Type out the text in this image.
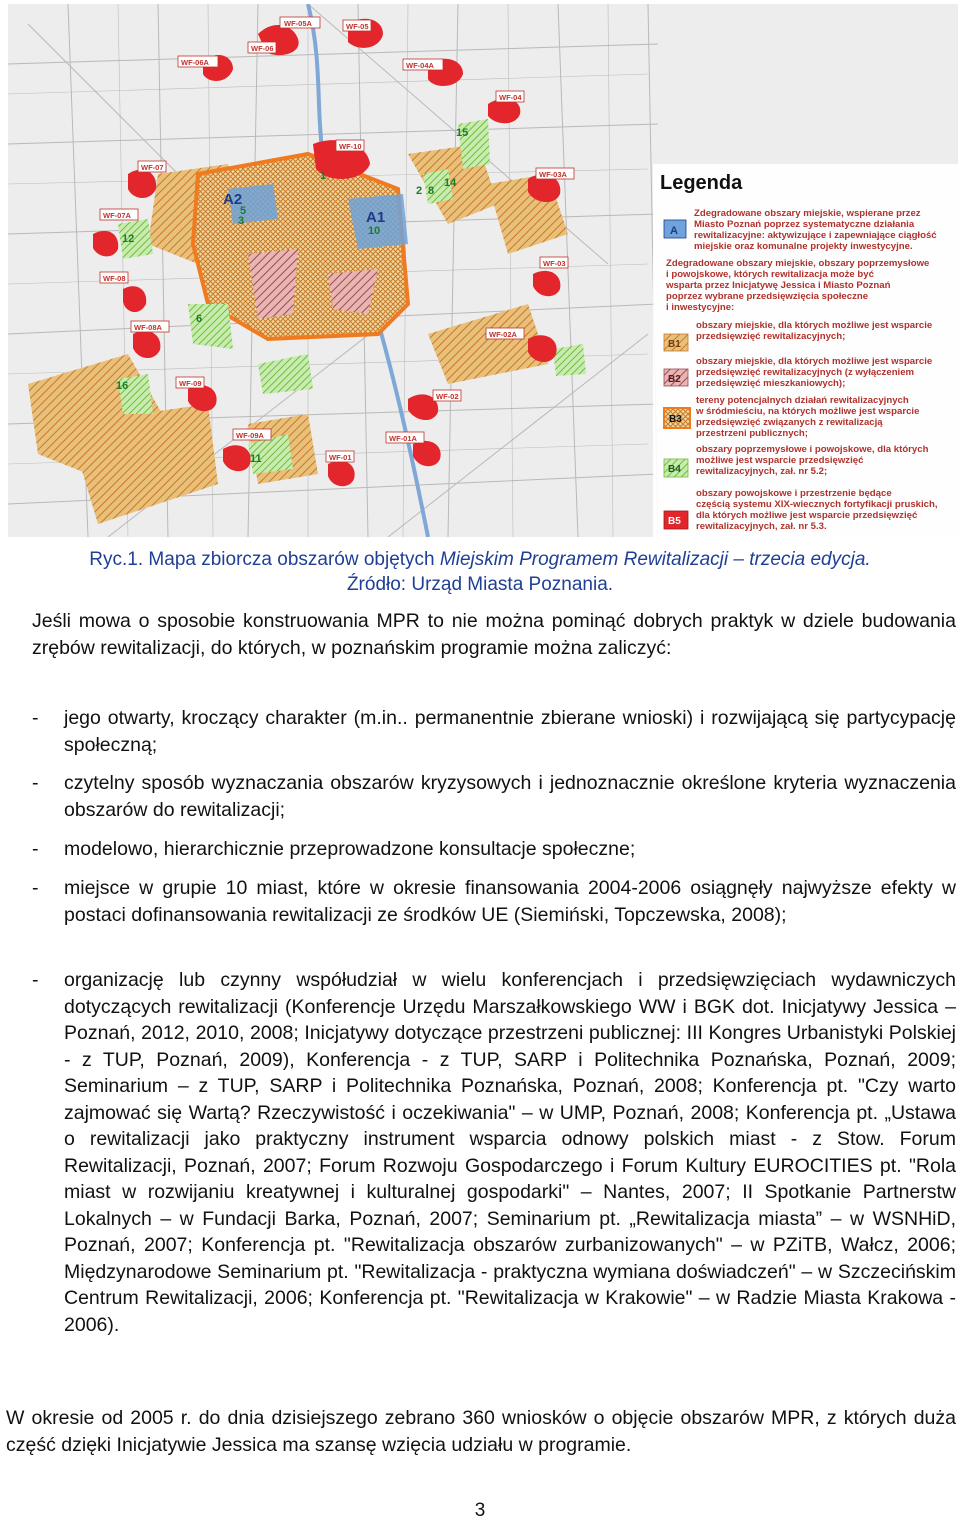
WF-05A	WF-05
WF-06A
WF-06
WF-04A
WF-04
WF-10
WF-07
WF-07A
WF-08
WF-08A
WF-09
WF-09A
WF-03
WF-03A
WF-02
WF-02A
WF-01
WF-01A
A1
A2
1
2
3
5
6
8
10
11
12
14
15
16
Legenda
A
Zdegradowane obszary miejskie, wspierane przez
Miasto Poznań poprzez systematyczne działania
rewitalizacyjne: aktywizujące i zapewniające ciągłość
miejskie oraz komunalne projekty inwestycyjne.
Zdegradowane obszary miejskie, obszary poprzemysłowe
i powojskowe, których rewitalizacja może być
wsparta przez Inicjatywę Jessica i Miasto Poznań
poprzez wybrane przedsięwzięcia społeczne
i inwestycyjne:
B1
obszary miejskie, dla których możliwe jest wsparcie
przedsięwzięć rewitalizacyjnych;
B2
obszary miejskie, dla których możliwe jest wsparcie
przedsięwzięć rewitalizacyjnych (z wyłączeniem
przedsięwzięć mieszkaniowych);
B3
tereny potencjalnych działań rewitalizacyjnych
w śródmieściu, na których możliwe jest wsparcie
przedsięwzięć związanych z rewitalizacją
przestrzeni publicznych;
B4
obszary poprzemysłowe i powojskowe, dla których
możliwe jest wsparcie przedsięwzięć
rewitalizacyjnych, zał. nr 5.2;
B5
obszary powojskowe i przestrzenie będące
częścią systemu XIX-wiecznych fortyfikacji pruskich,
dla których możliwe jest wsparcie przedsięwzięć
rewitalizacyjnych, zał. nr 5.3.
Ryc.1. Mapa zbiorcza obszarów objętych Miejskim Programem Rewitalizacji – trzecia edycja.
Źródło: Urząd Miasta Poznania.
Jeśli mowa o sposobie konstruowania MPR to nie można pominąć dobrych praktyk w dziele budowania zrębów rewitalizacji, do których, w poznańskim programie można zaliczyć:
- jego otwarty, kroczący charakter (m.in.. permanentnie zbierane wnioski) i rozwijającą się partycypację społeczną;
- czytelny sposób wyznaczania obszarów kryzysowych i jednoznacznie określone kryteria wyznaczenia obszarów do rewitalizacji;
- modelowo, hierarchicznie przeprowadzone konsultacje społeczne;
- miejsce w grupie 10 miast, które w okresie finansowania 2004-2006 osiągnęły najwyższe efekty w postaci dofinansowania rewitalizacji ze środków UE (Siemiński, Topczewska, 2008);
- organizację lub czynny współudział w wielu konferencjach i przedsięwzięciach wydawniczych dotyczących rewitalizacji (Konferencje Urzędu Marszałkowskiego WW i BGK dot. Inicjatywy Jessica – Poznań, 2012, 2010, 2008; Inicjatywy dotyczące przestrzeni publicznej: III Kongres Urbanistyki Polskiej - z TUP, Poznań, 2009), Konferencja - z TUP, SARP i Politechnika Poznańska, Poznań, 2009; Seminarium – z TUP, SARP i Politechnika Poznańska, Poznań, 2008; Konferencja pt. "Czy warto zajmować się Wartą? Rzeczywistość i oczekiwania" – w UMP, Poznań, 2008; Konferencja pt. „Ustawa o rewitalizacji jako praktyczny instrument wsparcia odnowy polskich miast - z Stow. Forum Rewitalizacji, Poznań, 2007; Forum Rozwoju Gospodarczego i Forum Kultury EUROCITIES pt. "Rola miast w rozwijaniu kreatywnej i kulturalnej gospodarki" – Nantes, 2007; II Spotkanie Partnerstw Lokalnych – w Fundacji Barka, Poznań, 2007; Seminarium pt. „Rewitalizacja miasta” – w WSNHiD, Poznań, 2007; Konferencja pt. "Rewitalizacja obszarów zurbanizowanych" – w PZiTB, Wałcz, 2006; Międzynarodowe Seminarium pt. "Rewitalizacja - praktyczna wymiana doświadczeń" – w Szczecińskim Centrum Rewitalizacji, 2006; Konferencja pt. "Rewitalizacja w Krakowie" – w Radzie Miasta Krakowa - 2006).
W okresie od 2005 r. do dnia dzisiejszego zebrano 360 wniosków o objęcie obszarów MPR, z których duża część dzięki Inicjatywie Jessica ma szansę wzięcia udziału w programie.
3
